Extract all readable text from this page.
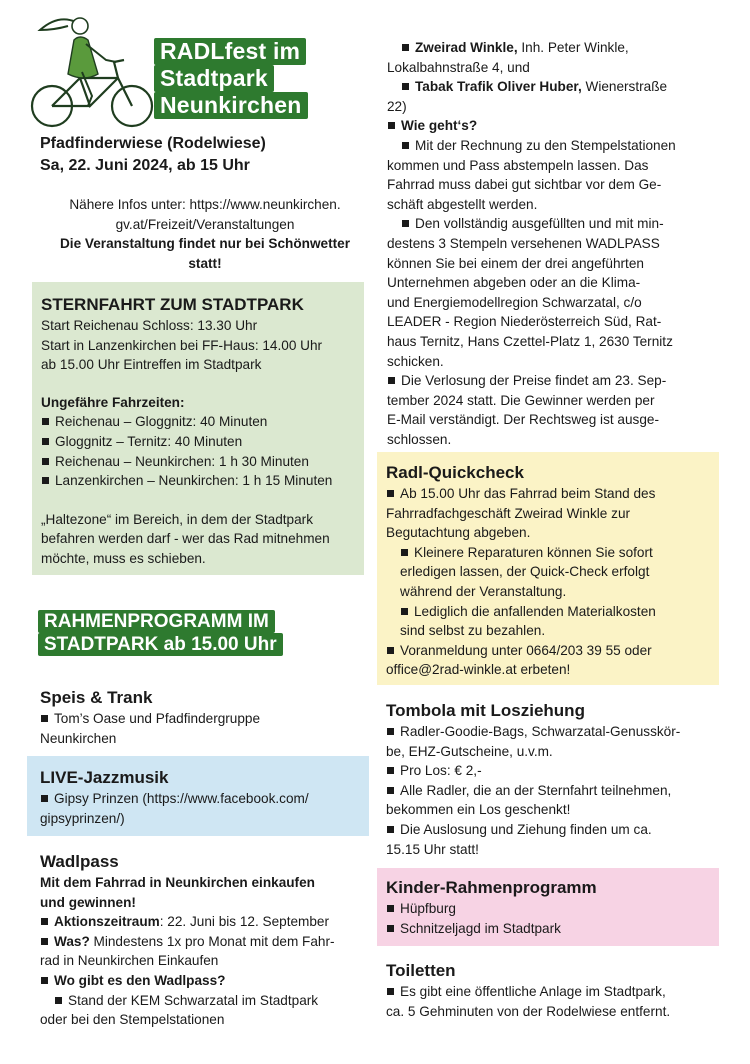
RADLfest im
Stadtpark
Neunkirchen
Pfadfinderwiese (Rodelwiese)
Sa, 22. Juni 2024, ab 15 Uhr
Nähere Infos unter: https://www.neunkirchen.
gv.at/Freizeit/Veranstaltungen
Die Veranstaltung findet nur bei Schönwetter
statt!
STERNFAHRT ZUM STADTPARK
Start Reichenau Schloss: 13.30 Uhr
Start in Lanzenkirchen bei FF-Haus: 14.00 Uhr
ab 15.00 Uhr Eintreffen im Stadtpark
Ungefähre Fahrzeiten:
Reichenau – Gloggnitz: 40 Minuten
Gloggnitz – Ternitz: 40 Minuten
Reichenau – Neunkirchen: 1 h 30 Minuten
Lanzenkirchen – Neunkirchen: 1 h 15 Minuten
„Haltezone“ im Bereich, in dem der Stadtpark
befahren werden darf - wer das Rad mitnehmen
möchte, muss es schieben.
RAHMENPROGRAMM IM
STADTPARK ab 15.00 Uhr
Speis & Trank
Tom’s Oase und Pfadfindergruppe
Neunkirchen
LIVE-Jazzmusik
Gipsy Prinzen (https://www.facebook.com/
gipsyprinzen/)
Wadlpass
Mit dem Fahrrad in Neunkirchen einkaufen
und gewinnen!
Aktionszeitraum: 22. Juni bis 12. September
Was? Mindestens 1x pro Monat mit dem Fahr-
rad in Neunkirchen Einkaufen
Wo gibt es den Wadlpass?
Stand der KEM Schwarzatal im Stadtpark
oder bei den Stempelstationen
Zweirad Winkle, Inh. Peter Winkle,
Lokalbahnstraße 4, und
Tabak Trafik Oliver Huber, Wienerstraße
22)
Wie geht‘s?
Mit der Rechnung zu den Stempelstationen
kommen und Pass abstempeln lassen. Das
Fahrrad muss dabei gut sichtbar vor dem Ge-
schäft abgestellt werden.
Den vollständig ausgefüllten und mit min-
destens 3 Stempeln versehenen WADLPASS
können Sie bei einem der drei angeführten
Unternehmen abgeben oder an die Klima-
und Energiemodellregion Schwarzatal, c/o
LEADER - Region Niederösterreich Süd, Rat-
haus Ternitz, Hans Czettel-Platz 1, 2630 Ternitz
schicken.
Die Verlosung der Preise findet am 23. Sep-
tember 2024 statt. Die Gewinner werden per
E-Mail verständigt. Der Rechtsweg ist ausge-
schlossen.
Radl-Quickcheck
Ab 15.00 Uhr das Fahrrad beim Stand des
Fahrradfachgeschäft Zweirad Winkle zur
Begutachtung abgeben.
Kleinere Reparaturen können Sie sofort
erledigen lassen, der Quick-Check erfolgt
während der Veranstaltung.
Lediglich die anfallenden Materialkosten
sind selbst zu bezahlen.
Voranmeldung unter 0664/203 39 55 oder
office@2rad-winkle.at erbeten!
Tombola mit Losziehung
Radler-Goodie-Bags, Schwarzatal-Genusskör-
be, EHZ-Gutscheine, u.v.m.
Pro Los: € 2,-
Alle Radler, die an der Sternfahrt teilnehmen,
bekommen ein Los geschenkt!
Die Auslosung und Ziehung finden um ca.
15.15 Uhr statt!
Kinder-Rahmenprogramm
Hüpfburg
Schnitzeljagd im Stadtpark
Toiletten
Es gibt eine öffentliche Anlage im Stadtpark,
ca. 5 Gehminuten von der Rodelwiese entfernt.
